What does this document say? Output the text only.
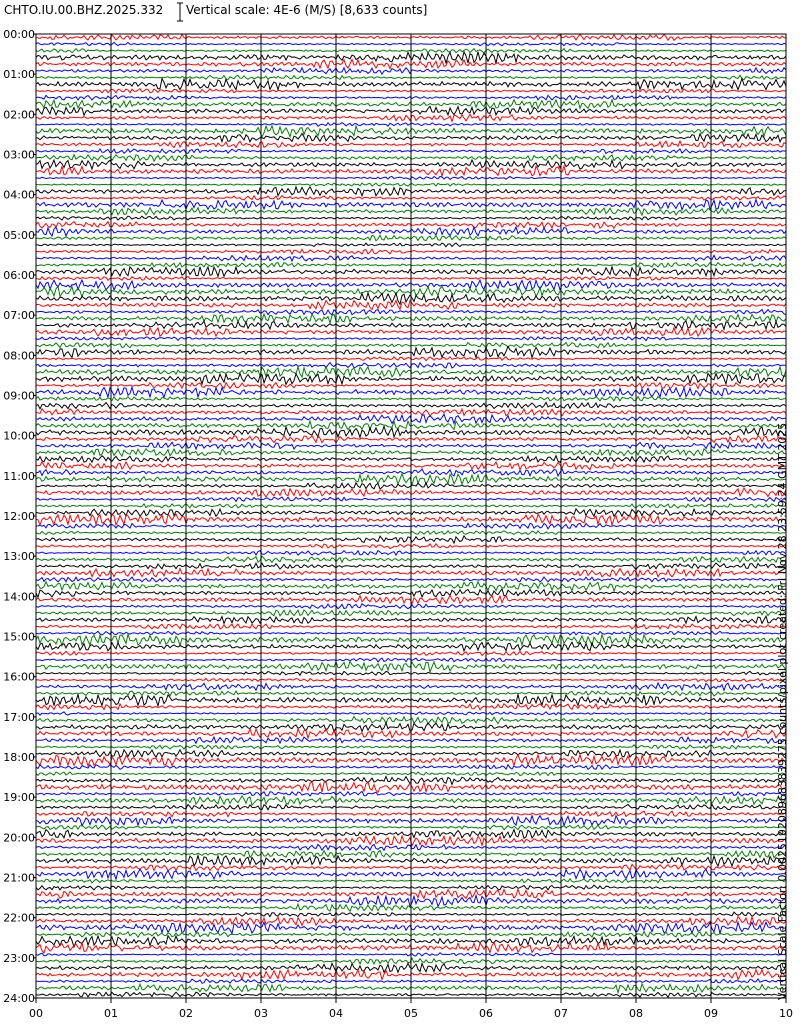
CHTO.IU.00.BHZ.2025.332 Vertical scale: 4E-6 (M/S) [8,633 counts]
00:00
01:00
02:00
03:00
04:00
05:00
06:00
07:00
08:00
09:00
10:00
11:00
12:00
13:00
14:00
15:00
16:00
17:00
18:00
19:00
20:00
21:00
22:00
23:00
24:00
00	01	02	03	04	05	06	07	08	09	10
Vertical Scale Factor: 0.0025192089683839275 counts/pixel plot created: Fri Nov 28 23:59:24 GMT 2025
